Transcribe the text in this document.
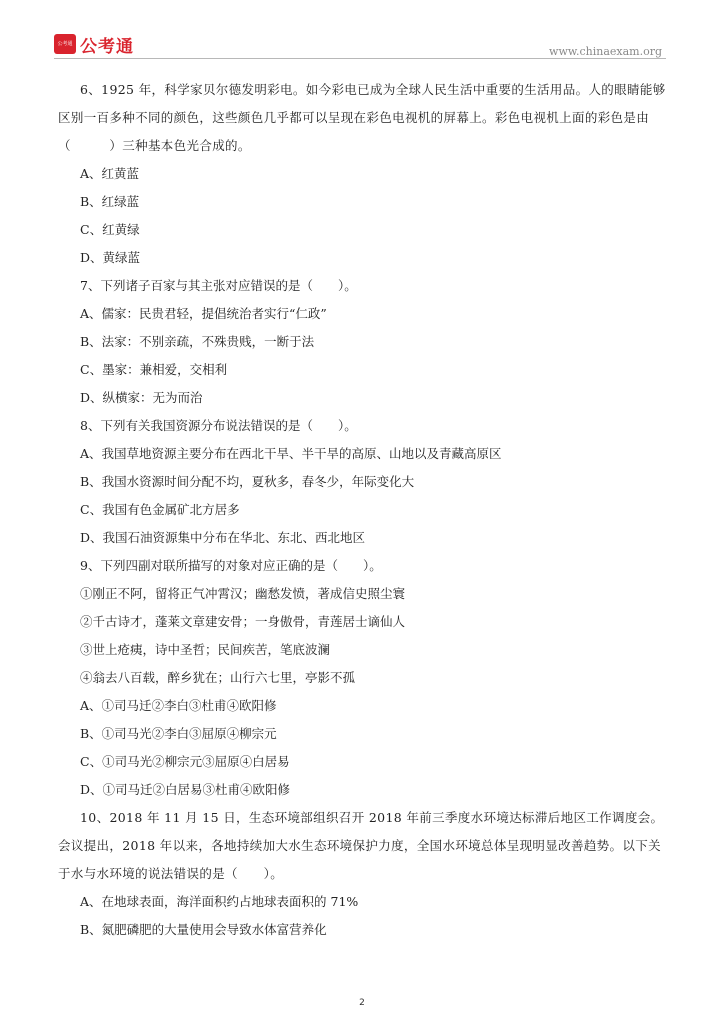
公考通 公考通	www.chinaexam.org

6、1925 年，科学家贝尔德发明彩电。如今彩电已成为全球人民生活中重要的生活用品。人的眼睛能够区别一百多种不同的颜色，这些颜色几乎都可以呈现在彩色电视机的屏幕上。彩色电视机上面的彩色是由（　　　）三种基本色光合成的。

A、红黄蓝

B、红绿蓝

C、红黄绿

D、黄绿蓝

7、下列诸子百家与其主张对应错误的是（　　）。

A、儒家：民贵君轻，提倡统治者实行“仁政”

B、法家：不别亲疏，不殊贵贱，一断于法

C、墨家：兼相爱，交相利

D、纵横家：无为而治

8、下列有关我国资源分布说法错误的是（　　）。

A、我国草地资源主要分布在西北干旱、半干旱的高原、山地以及青藏高原区

B、我国水资源时间分配不均，夏秋多，春冬少，年际变化大

C、我国有色金属矿北方居多

D、我国石油资源集中分布在华北、东北、西北地区

9、下列四副对联所描写的对象对应正确的是（　　）。

①刚正不阿，留将正气冲霄汉；幽愁发愤，著成信史照尘寰

②千古诗才，蓬莱文章建安骨；一身傲骨，青莲居士谪仙人

③世上疮痍，诗中圣哲；民间疾苦，笔底波澜

④翁去八百载，醉乡犹在；山行六七里，亭影不孤

A、①司马迁②李白③杜甫④欧阳修

B、①司马光②李白③屈原④柳宗元

C、①司马光②柳宗元③屈原④白居易

D、①司马迁②白居易③杜甫④欧阳修

10、2018 年 11 月 15 日，生态环境部组织召开 2018 年前三季度水环境达标滞后地区工作调度会。会议提出，2018 年以来，各地持续加大水生态环境保护力度，全国水环境总体呈现明显改善趋势。以下关于水与水环境的说法错误的是（　　）。

A、在地球表面，海洋面积约占地球表面积的 71%

B、氮肥磷肥的大量使用会导致水体富营养化

2
